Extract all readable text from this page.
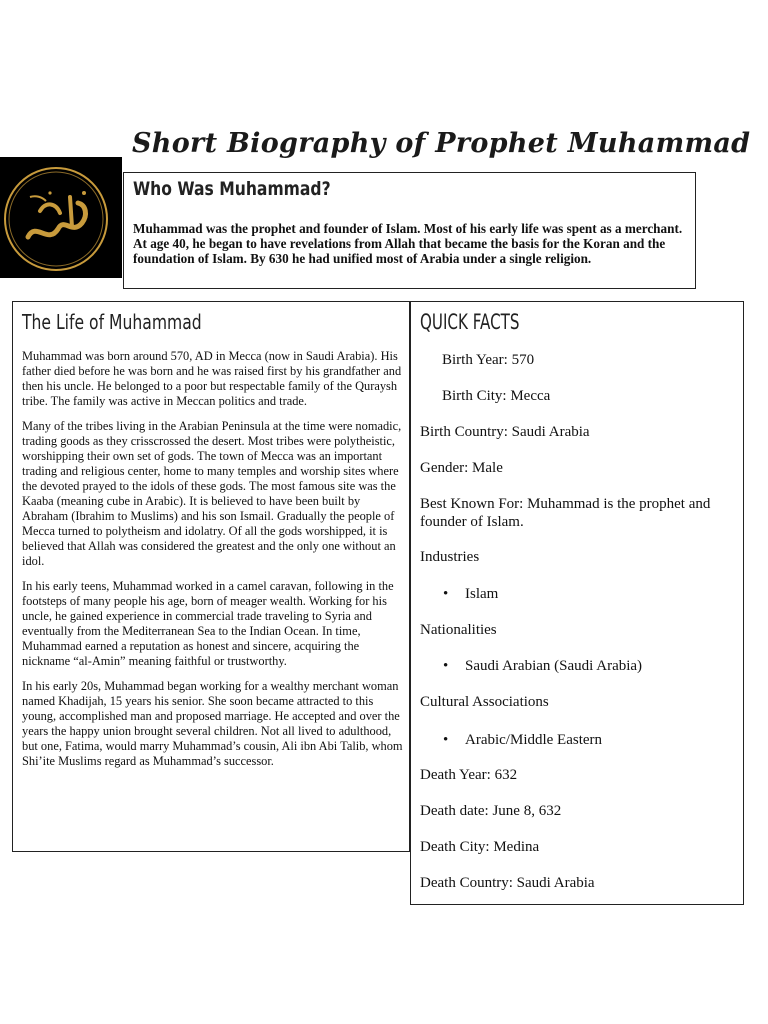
Short Biography of Prophet Muhammad
Who Was Muhammad?
Muhammad was the prophet and founder of Islam. Most of his early life was spent as a merchant. At age 40, he began to have revelations from Allah that became the basis for the Koran and the foundation of Islam. By 630 he had unified most of Arabia under a single religion.
The Life of Muhammad

Muhammad was born around 570, AD in Mecca (now in Saudi Arabia). His father died before he was born and he was raised first by his grandfather and then his uncle. He belonged to a poor but respectable family of the Quraysh tribe. The family was active in Meccan politics and trade.

Many of the tribes living in the Arabian Peninsula at the time were nomadic, trading goods as they crisscrossed the desert. Most tribes were polytheistic, worshipping their own set of gods. The town of Mecca was an important trading and religious center, home to many temples and worship sites where the devoted prayed to the idols of these gods. The most famous site was the Kaaba (meaning cube in Arabic). It is believed to have been built by Abraham (Ibrahim to Muslims) and his son Ismail. Gradually the people of Mecca turned to polytheism and idolatry. Of all the gods worshipped, it is believed that Allah was considered the greatest and the only one without an idol.

In his early teens, Muhammad worked in a camel caravan, following in the footsteps of many people his age, born of meager wealth. Working for his uncle, he gained experience in commercial trade traveling to Syria and eventually from the Mediterranean Sea to the Indian Ocean. In time, Muhammad earned a reputation as honest and sincere, acquiring the nickname “al-Amin” meaning faithful or trustworthy.

In his early 20s, Muhammad began working for a wealthy merchant woman named Khadijah, 15 years his senior. She soon became attracted to this young, accomplished man and proposed marriage. He accepted and over the years the happy union brought several children. Not all lived to adulthood, but one, Fatima, would marry Muhammad’s cousin, Ali ibn Abi Talib, whom Shi’ite Muslims regard as Muhammad’s successor.

QUICK FACTS
Birth Year: 570
Birth City: Mecca
Birth Country: Saudi Arabia
Gender: Male
Best Known For: Muhammad is the prophet and founder of Islam.
Industries
• Islam
Nationalities
• Saudi Arabian (Saudi Arabia)
Cultural Associations
• Arabic/Middle Eastern
Death Year: 632
Death date: June 8, 632
Death City: Medina
Death Country: Saudi Arabia
